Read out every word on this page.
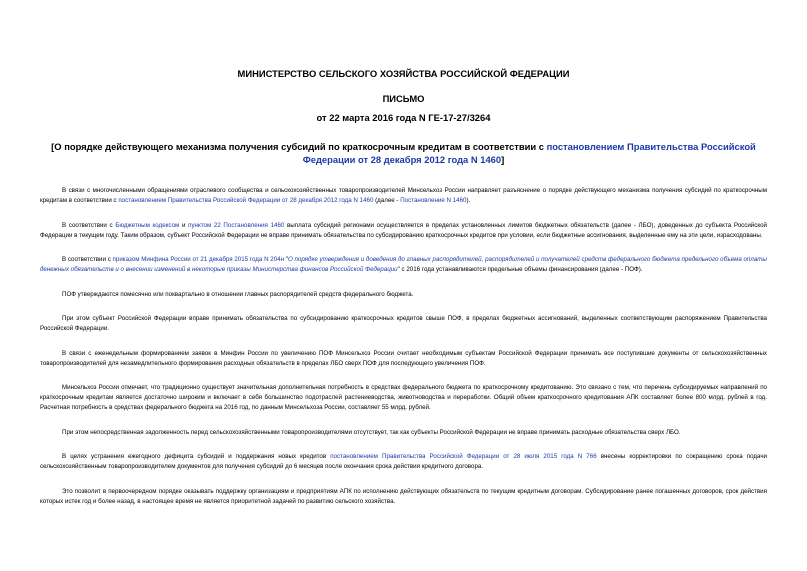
МИНИСТЕРСТВО СЕЛЬСКОГО ХОЗЯЙСТВА РОССИЙСКОЙ ФЕДЕРАЦИИ
ПИСЬМО
от 22 марта 2016 года N ГЕ-17-27/3264
[О порядке действующего механизма получения субсидий по краткосрочным кредитам в соответствии с постановлением Правительства Российской Федерации от 28 декабря 2012 года N 1460]

В связи с многочисленными обращениями отраслевого сообщества и сельскохозяйственных товаропроизводителей Минсельхоз России направляет разъяснение о порядке действующего механизма получения субсидий по краткосрочным кредитам в соответствии с постановлением Правительства Российской Федерации от 28 декабря 2012 года N 1460 (далее - Постановление N 1460).

В соответствии с Бюджетным кодексом и пунктом 22 Постановления 1460 выплата субсидий регионами осуществляется в пределах установленных лимитов бюджетных обязательств (далее - ЛБО), доведенных до субъекта Российской Федерации в текущем году. Таким образом, субъект Российской Федерации не вправе принимать обязательства по субсидированию краткосрочных кредитов при условии, если бюджетные ассигнования, выделенные ему на эти цели, израсходованы.

В соответствии с приказом Минфина России от 21 декабря 2015 года N 204н "О порядке утверждения и доведения до главных распорядителей, распорядителей и получателей средств федерального бюджета предельного объема оплаты денежных обязательств и о внесении изменений в некоторые приказы Министерства финансов Российской Федерации" с 2016 года устанавливаются предельные объемы финансирования (далее - ПОФ).

ПОФ утверждаются помесячно или поквартально в отношении главных распорядителей средств федерального бюджета.

При этом субъект Российской Федерации вправе принимать обязательства по субсидированию краткосрочных кредитов свыше ПОФ, в пределах бюджетных ассигнований, выделенных соответствующим распоряжением Правительства Российской Федерации.

В связи с еженедельным формированием заявок в Минфин России по увеличению ПОФ Минсельхоз России считает необходимым субъектам Российской Федерации принимать все поступившие документы от сельскохозяйственных товаропроизводителей для незамедлительного формирования расходных обязательств в пределах ЛБО сверх ПОФ для последующего увеличения ПОФ.

Минсельхоз России отмечает, что традиционно существует значительная дополнительная потребность в средствах федерального бюджета по краткосрочному кредитованию. Это связано с тем, что перечень субсидируемых направлений по краткосрочным кредитам является достаточно широким и включает в себя большинство подотраслей растениеводства, животноводства и переработки. Общий объем краткосрочного кредитования АПК составляет более 800 млрд. рублей в год. Расчетная потребность в средствах федерального бюджета на 2016 год, по данным Минсельхоза России, составляет 55 млрд. рублей.

При этом непосредственная задолженность перед сельскохозяйственными товаропроизводителями отсутствует, так как субъекты Российской Федерации не вправе принимать расходные обязательства сверх ЛБО.

В целях устранения ежегодного дефицита субсидий и поддержания новых кредитов постановлением Правительства Российской Федерации от 28 июля 2015 года N 766 внесены корректировки по сокращению срока подачи сельскохозяйственным товаропроизводителем документов для получения субсидий до 6 месяцев после окончания срока действия кредитного договора.

Это позволит в первоочередном порядке оказывать поддержку организациям и предприятиям АПК по исполнению действующих обязательств по текущим кредитным договорам. Субсидирование ранее погашенных договоров, срок действия которых истек год и более назад, в настоящее время не является приоритетной задачей по развитию сельского хозяйства.
